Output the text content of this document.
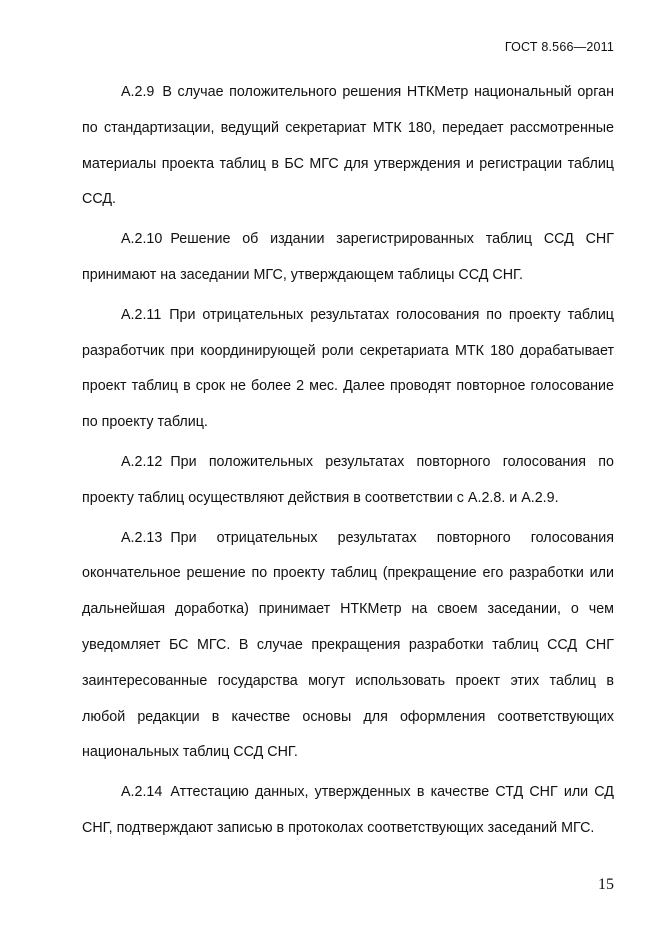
ГОСТ 8.566—2011

А.2.9 В случае положительного решения НТКМетр национальный орган по стандартизации, ведущий секретариат МТК 180, передает рассмотренные материалы проекта таблиц в БС МГС для утверждения и регистрации таблиц ССД.

А.2.10 Решение об издании зарегистрированных таблиц ССД СНГ принимают на заседании МГС, утверждающем таблицы ССД СНГ.

А.2.11 При отрицательных результатах голосования по проекту таблиц разработчик при координирующей роли секретариата МТК 180 дорабатывает проект таблиц в срок не более 2 мес. Далее проводят повторное голосование по проекту таблиц.

А.2.12 При положительных результатах повторного голосования по проекту таблиц осуществляют действия в соответствии с А.2.8. и А.2.9.

А.2.13 При отрицательных результатах повторного голосования окончательное решение по проекту таблиц (прекращение его разработки или дальнейшая доработка) принимает НТКМетр на своем заседании, о чем уведомляет БС МГС. В случае прекращения разработки таблиц ССД СНГ заинтересованные государства могут использовать проект этих таблиц в любой редакции в качестве основы для оформления соответствующих национальных таблиц ССД СНГ.

А.2.14 Аттестацию данных, утвержденных в качестве СТД СНГ или СД СНГ, подтверждают записью в протоколах соответствующих заседаний МГС.

15
